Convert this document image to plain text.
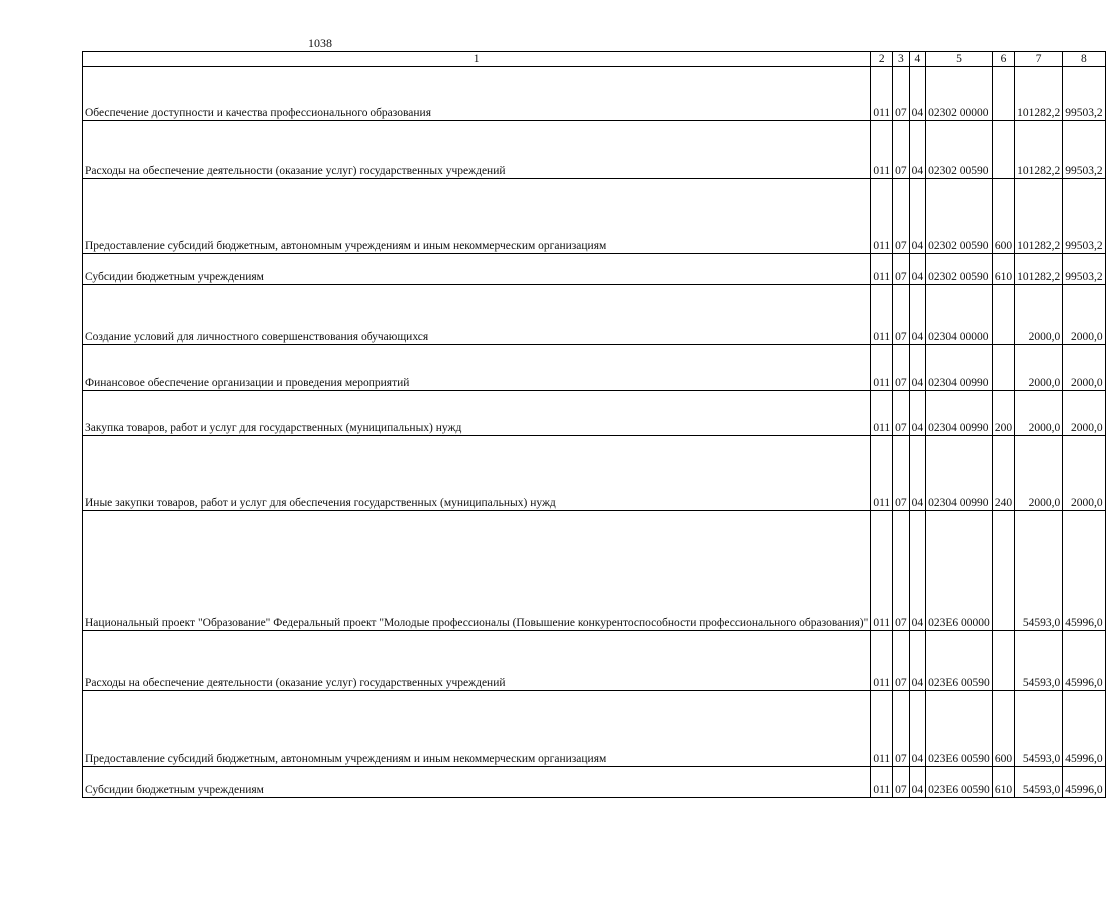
1038
1	2	3	4	5	6	7	8
Обеспечение доступности и качества профессионального образования	011	07	04	02302 00000		101282,2	99503,2
Расходы на обеспечение деятельности (оказание услуг) государственных учреждений	011	07	04	02302 00590		101282,2	99503,2
Предоставление субсидий бюджетным, автономным учреждениям и иным некоммерческим организациям	011	07	04	02302 00590	600	101282,2	99503,2
Субсидии бюджетным учреждениям	011	07	04	02302 00590	610	101282,2	99503,2
Создание условий для личностного совершенствования обучающихся	011	07	04	02304 00000		2000,0	2000,0
Финансовое обеспечение организации и проведения мероприятий	011	07	04	02304 00990		2000,0	2000,0
Закупка товаров, работ и услуг для государственных (муниципальных) нужд	011	07	04	02304 00990	200	2000,0	2000,0
Иные закупки товаров, работ и услуг для обеспечения государственных (муниципальных) нужд	011	07	04	02304 00990	240	2000,0	2000,0
Национальный проект "Образование" Федеральный проект "Молодые профессионалы (Повышение конкурентоспособности профессионального образования)"	011	07	04	023Е6 00000		54593,0	45996,0
Расходы на обеспечение деятельности (оказание услуг) государственных учреждений	011	07	04	023Е6 00590		54593,0	45996,0
Предоставление субсидий бюджетным, автономным учреждениям и иным некоммерческим организациям	011	07	04	023Е6 00590	600	54593,0	45996,0
Субсидии бюджетным учреждениям	011	07	04	023Е6 00590	610	54593,0	45996,0
